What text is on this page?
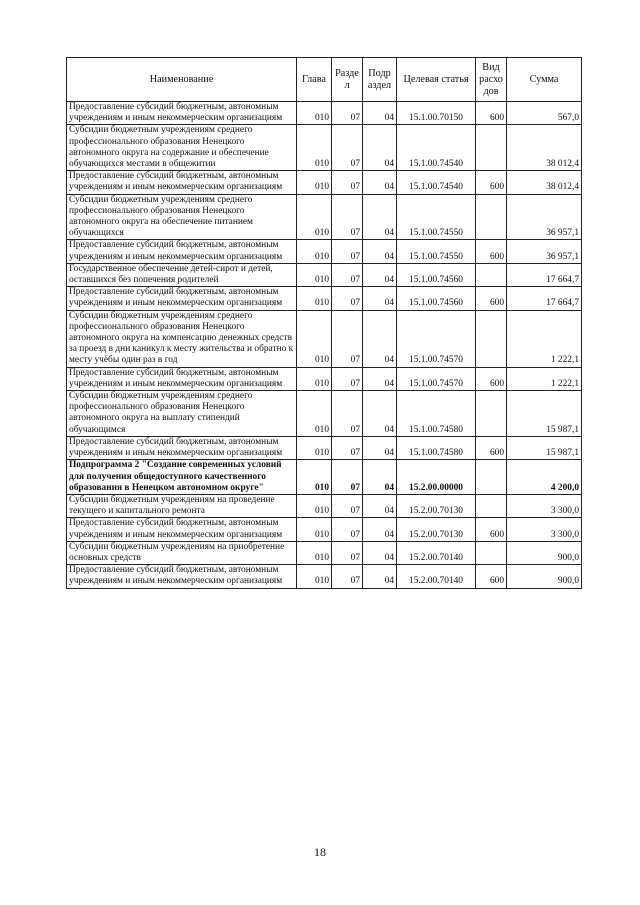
Наименование	Глава	Разде л	Подр аздел	Целевая статья	Вид расхо дов	Сумма
Предоставление субсидий бюджетным, автономным учреждениям и иным некоммерческим организациям	010	07	04	15.1.00.70150	600	567,0
Субсидии бюджетным учреждениям среднего профессионального образования Ненецкого автономного округа на содержание и обеспечение обучающихся местами в общежитии	010	07	04	15.1.00.74540		38 012,4
Предоставление субсидий бюджетным, автономным учреждениям и иным некоммерческим организациям	010	07	04	15.1.00.74540	600	38 012,4
Субсидии бюджетным учреждениям среднего профессионального образования Ненецкого автономного округа на обеспечение питанием обучающихся	010	07	04	15.1.00.74550		36 957,1
Предоставление субсидий бюджетным, автономным учреждениям и иным некоммерческим организациям	010	07	04	15.1.00.74550	600	36 957,1
Государственное обеспечение детей-сирот и детей, оставшихся без попечения родителей	010	07	04	15.1.00.74560		17 664,7
Предоставление субсидий бюджетным, автономным учреждениям и иным некоммерческим организациям	010	07	04	15.1.00.74560	600	17 664,7
Субсидии бюджетным учреждениям среднего профессионального образования Ненецкого автономного округа на компенсацию денежных средств за проезд в дни каникул к месту жительства и обратно к месту учёбы один раз в год	010	07	04	15.1.00.74570		1 222,1
Предоставление субсидий бюджетным, автономным учреждениям и иным некоммерческим организациям	010	07	04	15.1.00.74570	600	1 222,1
Субсидии бюджетным учреждениям среднего профессионального образования Ненецкого автономного округа на выплату стипендий обучающимся	010	07	04	15.1.00.74580		15 987,1
Предоставление субсидий бюджетным, автономным учреждениям и иным некоммерческим организациям	010	07	04	15.1.00.74580	600	15 987,1
Подпрограмма 2 "Создание современных условий для получения общедоступного качественного образования в Ненецком автономном округе"	010	07	04	15.2.00.00000		4 200,0
Субсидии бюджетным учреждениям на проведение текущего и капитального ремонта	010	07	04	15.2.00.70130		3 300,0
Предоставление субсидий бюджетным, автономным учреждениям и иным некоммерческим организациям	010	07	04	15.2.00.70130	600	3 300,0
Субсидии бюджетным учреждениям на приобретение основных средств	010	07	04	15.2.00.70140		900,0
Предоставление субсидий бюджетным, автономным учреждениям и иным некоммерческим организациям	010	07	04	15.2.00.70140	600	900,0
18
